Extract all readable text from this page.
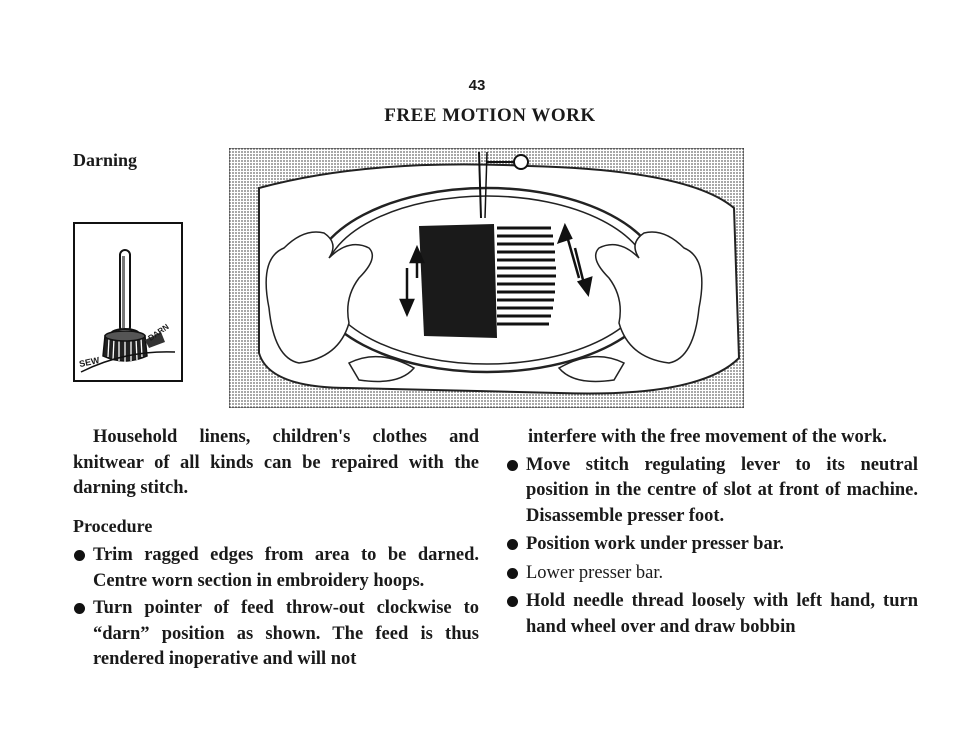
43
FREE MOTION WORK
Darning
SEW
DARN

Household linens, children's clothes and knitwear of all kinds can be repaired with the darning stitch.

Procedure
Trim ragged edges from area to be darned. Centre worn section in embroidery hoops.
Turn pointer of feed throw-out clockwise to “darn” position as shown. The feed is thus rendered inoperative and will not
interfere with the free movement of the work.
Move stitch regulating lever to its neutral position in the centre of slot at front of machine. Disassemble presser foot.
Position work under presser bar.
Lower presser bar.
Hold needle thread loosely with left hand, turn hand wheel over and draw bobbin
